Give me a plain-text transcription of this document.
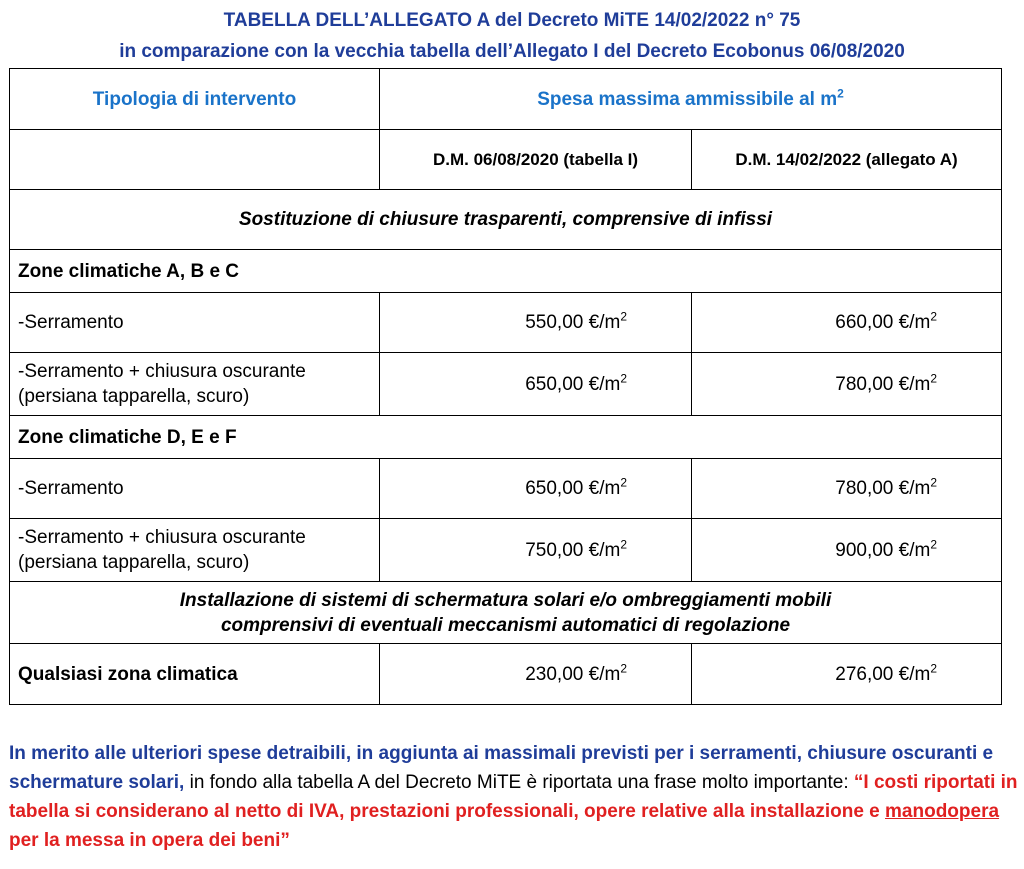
TABELLA DELL’ALLEGATO A del Decreto MiTE 14/02/2022 n° 75
in comparazione con la vecchia tabella dell’Allegato I del Decreto Ecobonus 06/08/2020
Tipologia di intervento	Spesa massima ammissibile al $m^2$
	D.M. 06/08/2020 (tabella I)	D.M. 14/02/2022 (allegato A)
Sostituzione di chiusure trasparenti, comprensive di infissi		
Zone climatiche A, B e C		
-Serramento	550,00 $€/m^2$	660,00 $€/m^2$

-Serramento + chiusura oscurante
(persiana tapparella, scuro)	650,00 $€/m^2$	780,00 $€/m^2$
Zone climatiche D, E e F		
-Serramento	650,00 $€/m^2$	780,00 $€/m^2$

-Serramento + chiusura oscurante
(persiana tapparella, scuro)	750,00 $€/m^2$	900,00 $€/m^2$

Installazione di sistemi di schermatura solari e/o ombreggiamenti mobili
comprensivi di eventuali meccanismi automatici di regolazione		

Qualsiasi zona climatica	230,00 $€/m^2$	276,00 $€/m^2$
In merito alle ulteriori spese detraibili, in aggiunta ai massimali previsti per i serramenti, chiusure oscuranti e schermature solari, in fondo alla tabella A del Decreto MiTE è riportata una frase molto importante: “I costi riportati in tabella si considerano al netto di IVA, prestazioni professionali, opere relative alla installazione e manodopera per la messa in opera dei beni”
